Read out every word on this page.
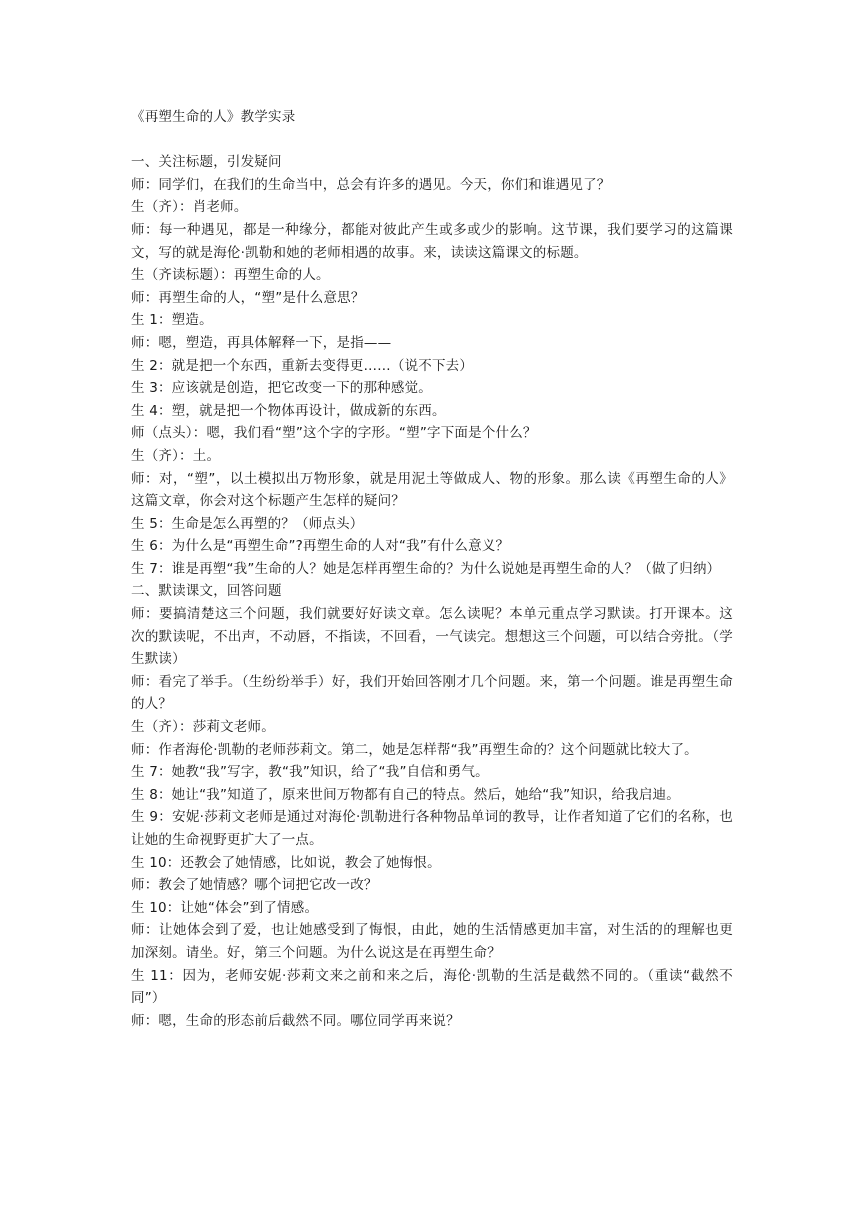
《再塑生命的人》教学实录

一、关注标题，引发疑问

师：同学们，在我们的生命当中，总会有许多的遇见。今天，你们和谁遇见了？

生（齐）：肖老师。

师：每一种遇见，都是一种缘分，都能对彼此产生或多或少的影响。这节课，我们要学习的这篇课文，写的就是海伦·凯勒和她的老师相遇的故事。来，读读这篇课文的标题。

生（齐读标题）：再塑生命的人。

师：再塑生命的人，“塑”是什么意思？

生 1：塑造。

师：嗯，塑造，再具体解释一下，是指——

生 2：就是把一个东西，重新去变得更……（说不下去）

生 3：应该就是创造，把它改变一下的那种感觉。

生 4：塑，就是把一个物体再设计，做成新的东西。

师（点头）：嗯，我们看“塑”这个字的字形。“塑”字下面是个什么？

生（齐）：土。

师：对，“塑”，以土模拟出万物形象，就是用泥土等做成人、物的形象。那么读《再塑生命的人》这篇文章，你会对这个标题产生怎样的疑问？

生 5：生命是怎么再塑的？（师点头）

生 6：为什么是“再塑生命”?再塑生命的人对“我”有什么意义？

生 7：谁是再塑“我”生命的人？她是怎样再塑生命的？为什么说她是再塑生命的人？（做了归纳）

二、默读课文，回答问题

师：要搞清楚这三个问题，我们就要好好读文章。怎么读呢？本单元重点学习默读。打开课本。这次的默读呢，不出声，不动唇，不指读，不回看，一气读完。想想这三个问题，可以结合旁批。（学生默读）

师：看完了举手。（生纷纷举手）好，我们开始回答刚才几个问题。来，第一个问题。谁是再塑生命的人？

生（齐）：莎莉文老师。

师：作者海伦·凯勒的老师莎莉文。第二，她是怎样帮“我”再塑生命的？这个问题就比较大了。

生 7：她教“我”写字，教“我”知识，给了“我”自信和勇气。

生 8：她让“我”知道了，原来世间万物都有自己的特点。然后，她给“我”知识，给我启迪。

生 9：安妮·莎莉文老师是通过对海伦·凯勒进行各种物品单词的教导，让作者知道了它们的名称，也让她的生命视野更扩大了一点。

生 10：还教会了她情感，比如说，教会了她悔恨。

师：教会了她情感？哪个词把它改一改？

生 10：让她“体会”到了情感。

师：让她体会到了爱，也让她感受到了悔恨，由此，她的生活情感更加丰富，对生活的的理解也更加深刻。请坐。好，第三个问题。为什么说这是在再塑生命？

生 11：因为，老师安妮·莎莉文来之前和来之后，海伦·凯勒的生活是截然不同的。（重读“截然不同”）

师：嗯，生命的形态前后截然不同。哪位同学再来说？
